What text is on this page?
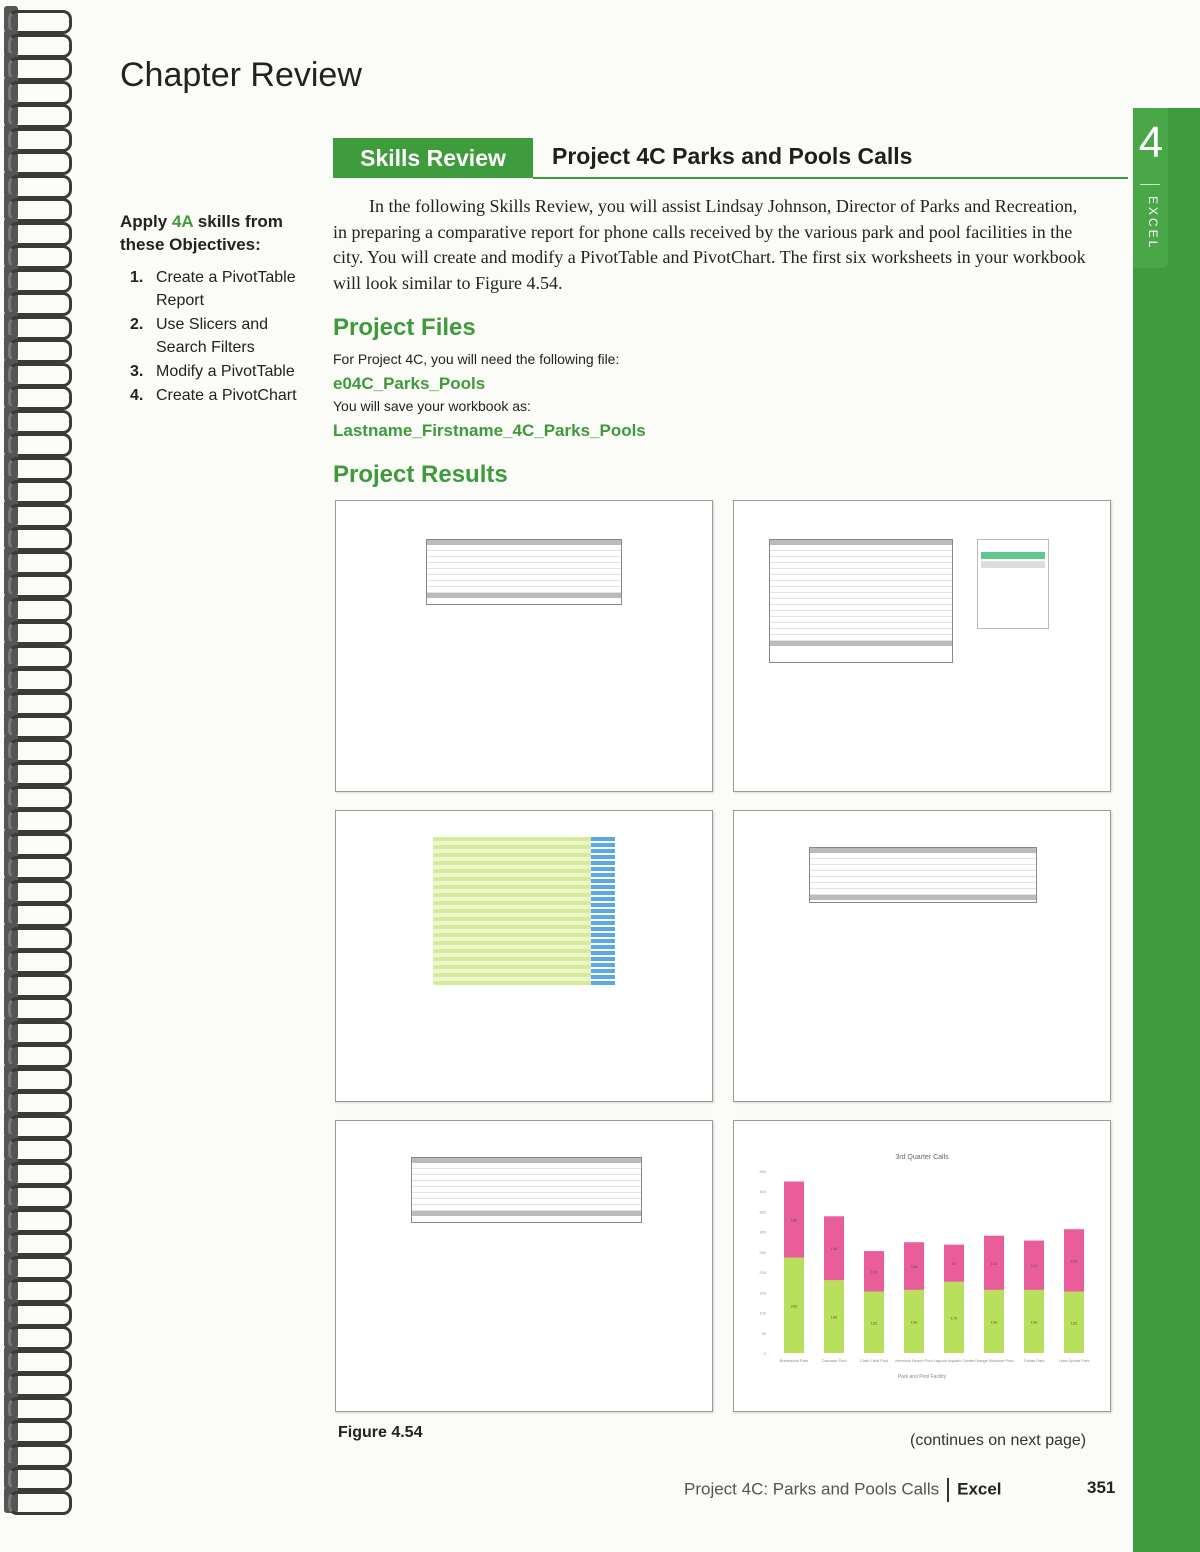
Chapter Review
4
EXCEL
Apply 4A skills from these Objectives:
1. Create a PivotTable Report
2. Use Slicers and Search Filters
3. Modify a PivotTable
4. Create a PivotChart
Skills Review	Project 4C Parks and Pools Calls

In the following Skills Review, you will assist Lindsay Johnson, Director of Parks and Recreation, in preparing a comparative report for phone calls received by the various park and pool facilities in the city. You will create and modify a PivotTable and PivotChart. The first six worksheets in your workbook will look similar to Figure 4.54.

Project Files
For Project 4C, you will need the following file:
e04C_Parks_Pools
You will save your workbook as:
Lastname_Firstname_4C_Parks_Pools
Project Results
3rd Quarter Calls
Park and Pool Facility
0
50
100
150
200
250
300
350
400
450
236
188
Brentwood Park
180
158
Cascade Pool
152
100
Clark Field Pool
156
118
Hemlock Beach Pool
176
92
Lagoon Aquatic Center
156
134
Orange Blossom Pool
156
122
Tobias Park
152
154
Yuba Sports Park
Figure 4.54	(continues on next page)
Project 4C: Parks and Pools Calls Excel	351
